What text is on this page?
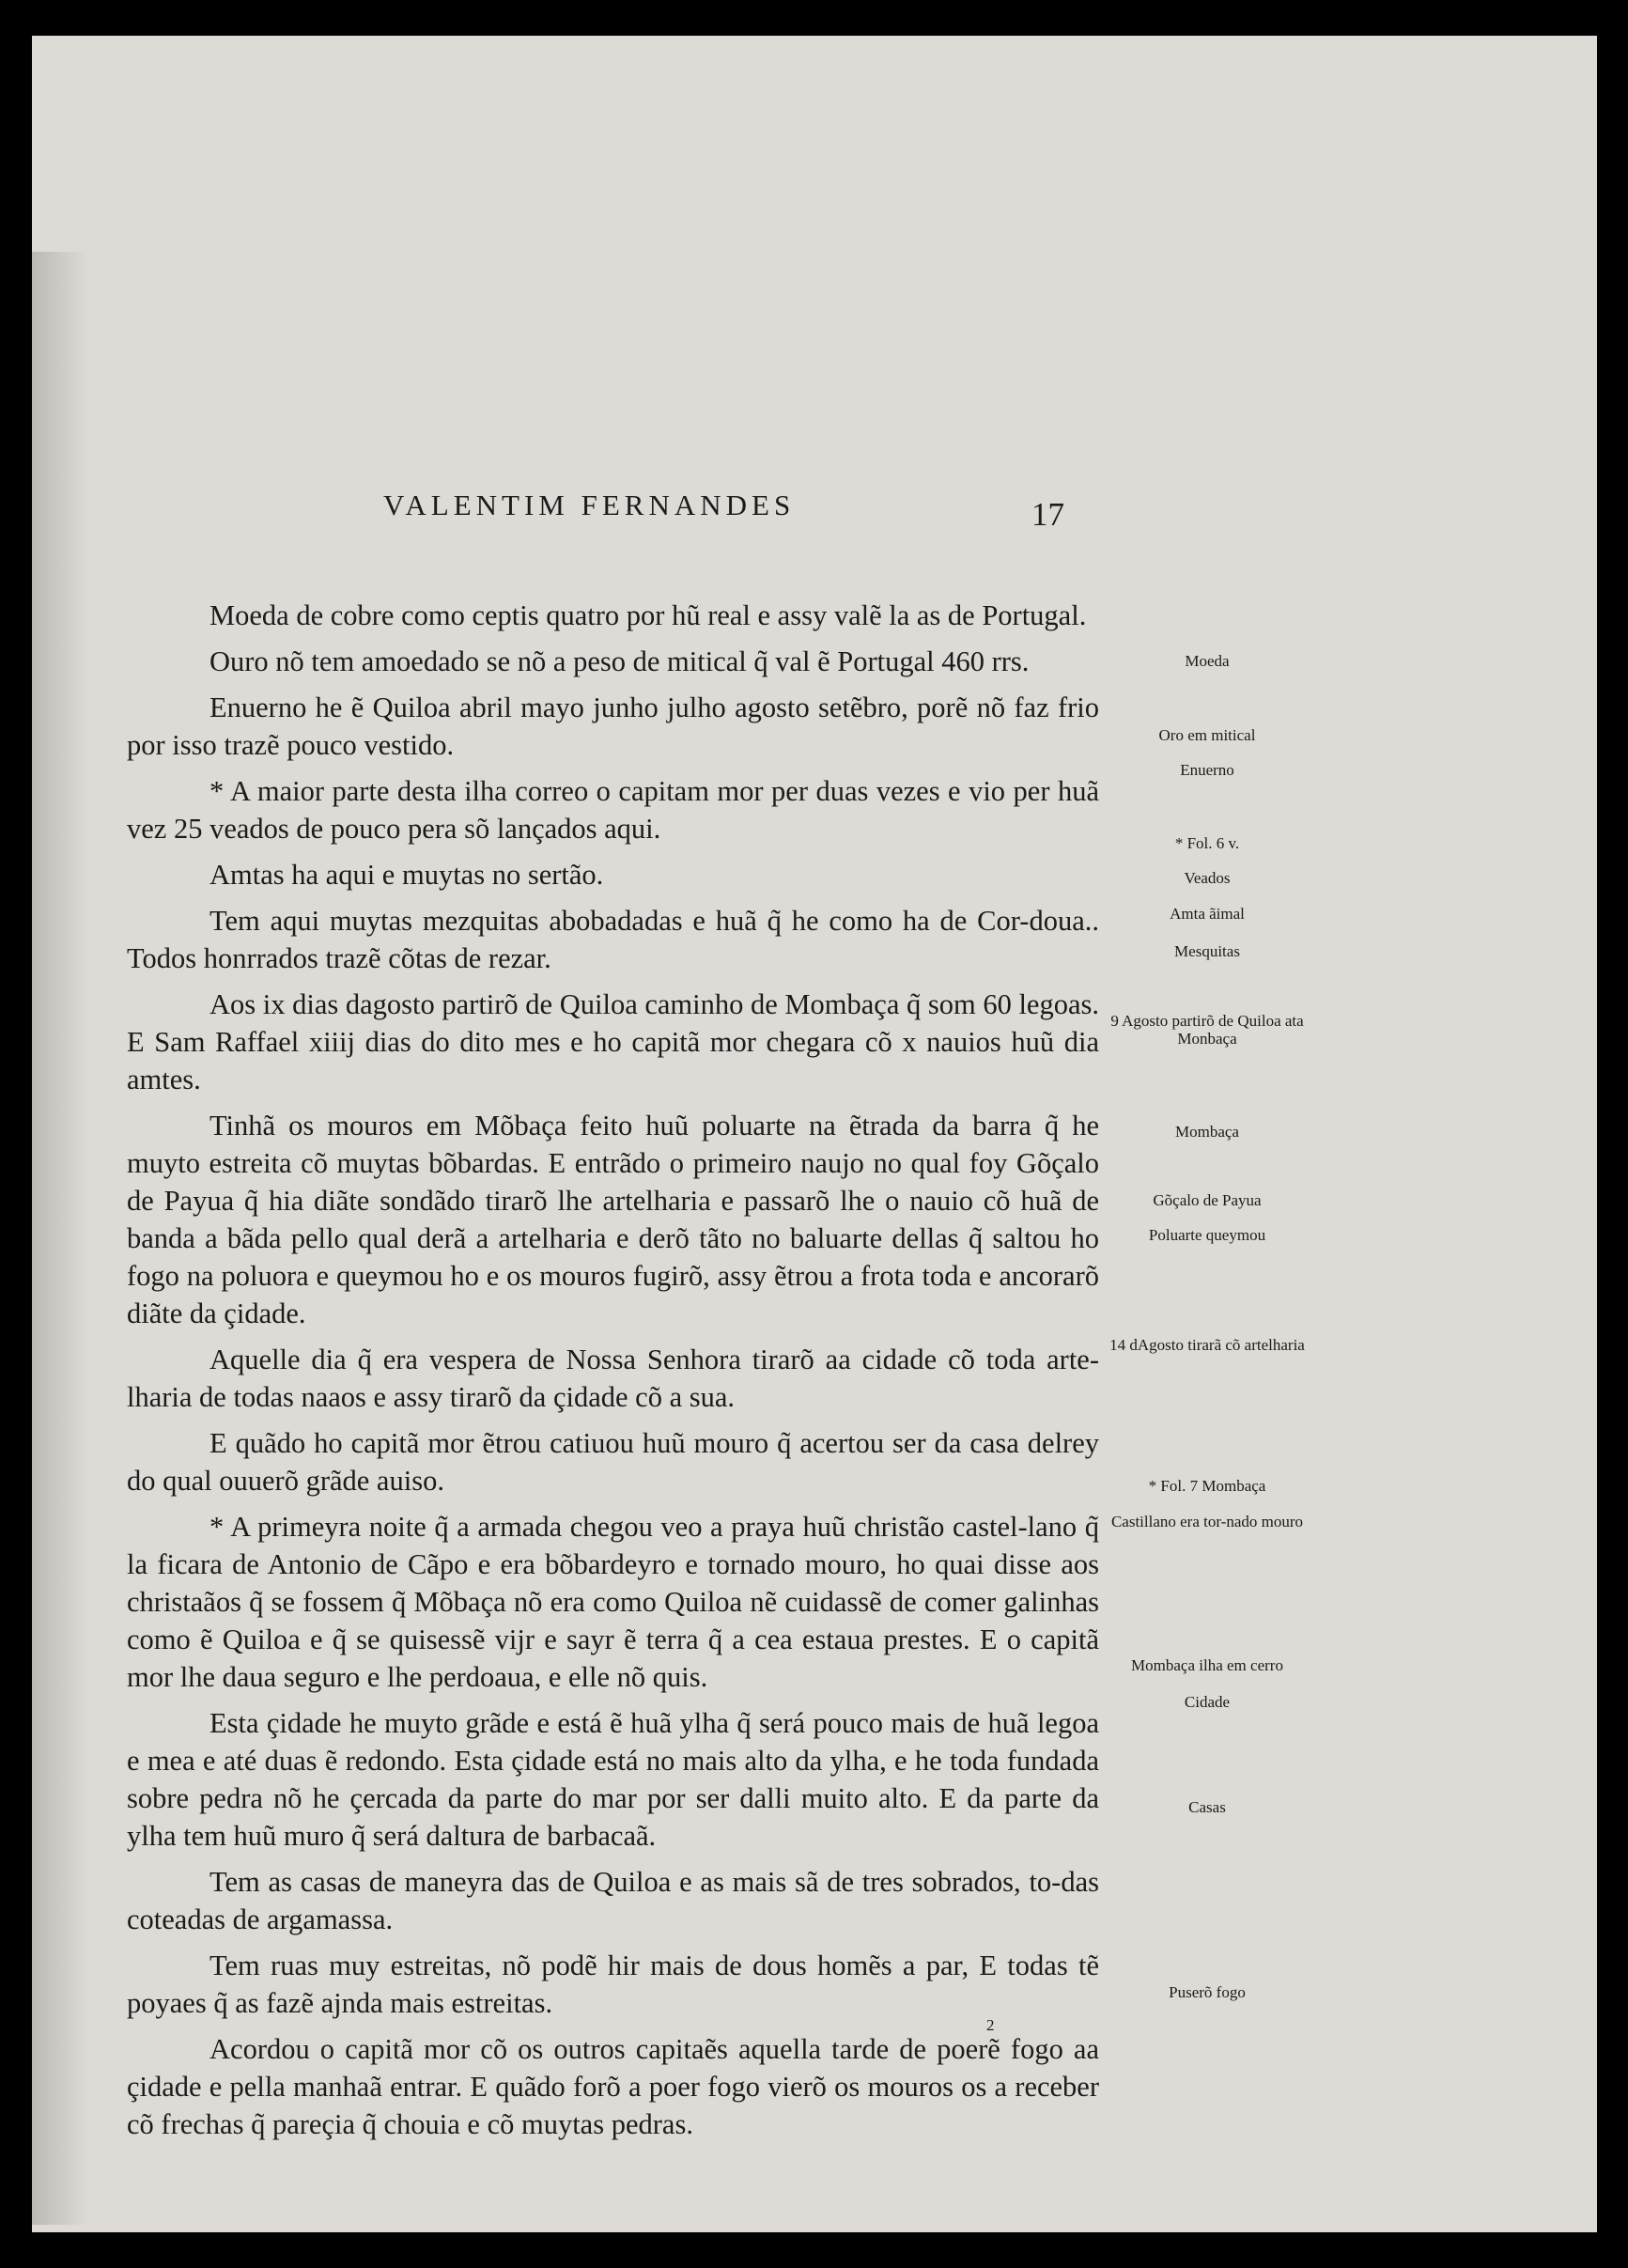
VALENTIM FERNANDES	17

Moeda de cobre como ceptis quatro por hũ real e assy valẽ la as de Portugal.

Ouro nõ tem amoedado se nõ a peso de mitical q̃ val ẽ Portugal 460 rrs.

Enuerno he ẽ Quiloa abril mayo junho julho agosto setẽbro, porẽ nõ faz frio por isso trazẽ pouco vestido.

* A maior parte desta ilha correo o capitam mor per duas vezes e vio per huã vez 25 veados de pouco pera sõ lançados aqui.

Amtas ha aqui e muytas no sertão.

Tem aqui muytas mezquitas abobadadas e huã q̃ he como ha de Cor-doua.. Todos honrrados trazẽ cõtas de rezar.

Aos ix dias dagosto partirõ de Quiloa caminho de Mombaça q̃ som 60 legoas. E Sam Raffael xiiij dias do dito mes e ho capitã mor chegara cõ x nauios huũ dia amtes.

Tinhã os mouros em Mõbaça feito huũ poluarte na ẽtrada da barra q̃ he muyto estreita cõ muytas bõbardas. E entrãdo o primeiro naujo no qual foy Gõçalo de Payua q̃ hia diãte sondãdo tirarõ lhe artelharia e passarõ lhe o nauio cõ huã de banda a bãda pello qual derã a artelharia e derõ tãto no baluarte dellas q̃ saltou ho fogo na poluora e queymou ho e os mouros fugirõ, assy ẽtrou a frota toda e ancorarõ diãte da çidade.

Aquelle dia q̃ era vespera de Nossa Senhora tirarõ aa cidade cõ toda arte-lharia de todas naaos e assy tirarõ da çidade cõ a sua.

E quãdo ho capitã mor ẽtrou catiuou huũ mouro q̃ acertou ser da casa delrey do qual ouuerõ grãde auiso.

* A primeyra noite q̃ a armada chegou veo a praya huũ christão castel-lano q̃ la ficara de Antonio de Cãpo e era bõbardeyro e tornado mouro, ho quai disse aos christaãos q̃ se fossem q̃ Mõbaça nõ era como Quiloa nẽ cuidassẽ de comer galinhas como ẽ Quiloa e q̃ se quisessẽ vijr e sayr ẽ terra q̃ a cea estaua prestes. E o capitã mor lhe daua seguro e lhe perdoaua, e elle nõ quis.

Esta çidade he muyto grãde e está ẽ huã ylha q̃ será pouco mais de huã legoa e mea e até duas ẽ redondo. Esta çidade está no mais alto da ylha, e he toda fundada sobre pedra nõ he çercada da parte do mar por ser dalli muito alto. E da parte da ylha tem huũ muro q̃ será daltura de barbacaã.

Tem as casas de maneyra das de Quiloa e as mais sã de tres sobrados, to-das coteadas de argamassa.

Tem ruas muy estreitas, nõ podẽ hir mais de dous homẽs a par, E todas tẽ poyaes q̃ as fazẽ ajnda mais estreitas.

Acordou o capitã mor cõ os outros capitaẽs aquella tarde de poerẽ fogo aa çidade e pella manhaã entrar. E quãdo forõ a poer fogo vierõ os mouros os a receber cõ frechas q̃ pareçia q̃ chouia e cõ muytas pedras.

Moeda
Oro em mitical
Enuerno
* Fol. 6 v.
Veados
Amta ãimal
Mesquitas
9 Agosto partirõ de Quiloa ata Monbaça
Mombaça
Gõçalo de Payua
Poluarte queymou
14 dAgosto tirarã cõ artelharia
* Fol. 7 Mombaça
Castillano era tor-nado mouro
Mombaça ilha em cerro
Cidade
Casas
Puserõ fogo
2
